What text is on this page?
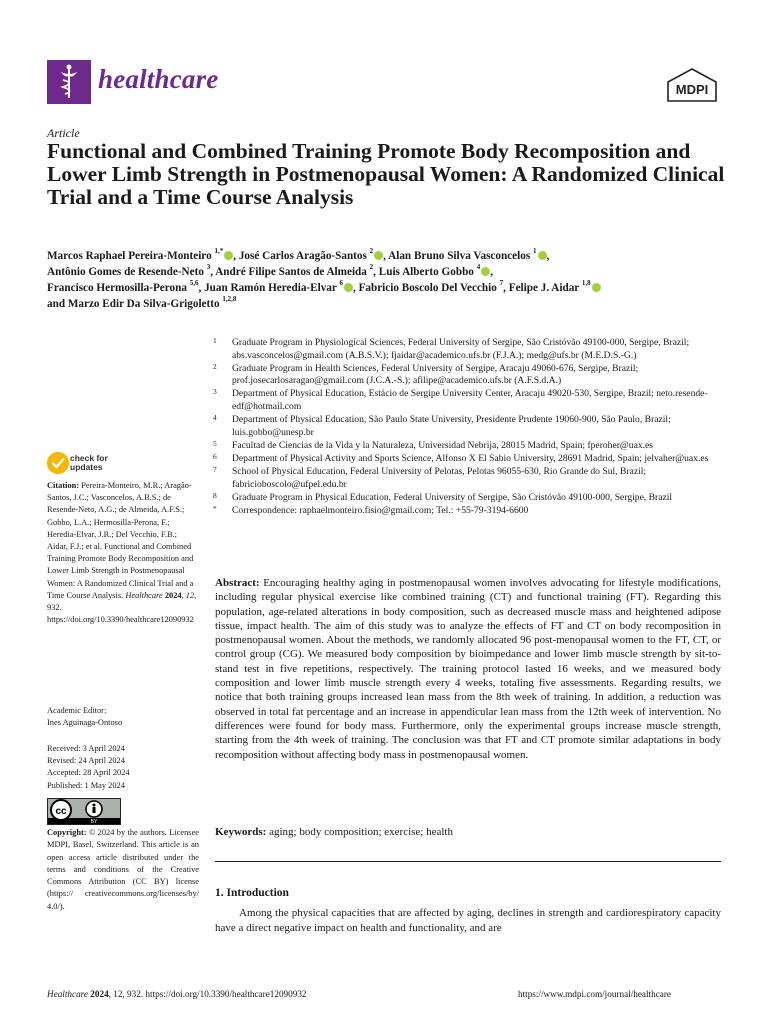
healthcare	MDPI
Article
Functional and Combined Training Promote Body Recomposition and Lower Limb Strength in Postmenopausal Women: A Randomized Clinical Trial and a Time Course Analysis

Marcos Raphael Pereira-Monteiro $^{1,*}$ , José Carlos Aragão-Santos $^2$ , Alan Bruno Silva Vasconcelos $^1$ ,
Antônio Gomes de Resende-Neto $^3$, André Filipe Santos de Almeida $^2$, Luis Alberto Gobbo $^4$ ,
Francisco Hermosilla-Perona $^{5,6}$, Juan Ramón Heredia-Elvar $^6$ , Fabricio Boscolo Del Vecchio $^7$, Felipe J. Aidar $^{1,8}$
and Marzo Edir Da Silva-Grigoletto $^{1,2,8}$

1 Graduate Program in Physiological Sciences, Federal University of Sergipe, São Cristóvão 49100-000, Sergipe, Brazil; abs.vasconcelos@gmail.com (A.B.S.V.); fjaidar@academico.ufs.br (F.J.A.); medg@ufs.br (M.E.D.S.-G.)
2 Graduate Program in Health Sciences, Federal University of Sergipe, Aracaju 49060-676, Sergipe, Brazil; prof.josecarlosaragao@gmail.com (J.C.A.-S.); afilipe@academico.ufs.br (A.F.S.d.A.)
3 Department of Physical Education, Estácio de Sergipe University Center, Aracaju 49020-530, Sergipe, Brazil; neto.resende-edf@hotmail.com
4 Department of Physical Education, São Paulo State University, Presidente Prudente 19060-900, São Paulo, Brazil; luis.gobbo@unesp.br
5 Facultad de Ciencias de la Vida y la Naturaleza, Universidad Nebrija, 28015 Madrid, Spain; fperoher@uax.es
6 Department of Physical Activity and Sports Science, Alfonso X El Sabio University, 28691 Madrid, Spain; jelvaher@uax.es
7 School of Physical Education, Federal University of Pelotas, Pelotas 96055-630, Rio Grande do Sul, Brazil; fabricioboscolo@ufpel.edu.br
8 Graduate Program in Physical Education, Federal University of Sergipe, São Cristóvão 49100-000, Sergipe, Brazil
* Correspondence: raphaelmonteiro.fisio@gmail.com; Tel.: +55-79-3194-6600
check for
updates
Citation: Pereira-Monteiro, M.R.; Aragão-Santos, J.C.; Vasconcelos, A.B.S.; de Resende-Neto, A.G.; de Almeida, A.F.S.; Gobbo, L.A.; Hermosilla-Perona, F.; Heredia-Elvar, J.R.; Del Vecchio, F.B.; Aidar, F.J.; et al. Functional and Combined Training Promote Body Recomposition and Lower Limb Strength in Postmenopausal Women: A Randomized Clinical Trial and a Time Course Analysis. Healthcare 2024, 12, 932. https://doi.org/10.3390/healthcare12090932
Academic Editor:
Ines Aguinaga-Ontoso
Received: 3 April 2024
Revised: 24 April 2024
Accepted: 28 April 2024
Published: 1 May 2024
cc
BY
Copyright: © 2024 by the authors. Licensee MDPI, Basel, Switzerland. This article is an open access article distributed under the terms and conditions of the Creative Commons Attribution (CC BY) license (https:// creativecommons.org/licenses/by/ 4.0/).

Abstract: Encouraging healthy aging in postmenopausal women involves advocating for lifestyle modifications, including regular physical exercise like combined training (CT) and functional training (FT). Regarding this population, age-related alterations in body composition, such as decreased muscle mass and heightened adipose tissue, impact health. The aim of this study was to analyze the effects of FT and CT on body recomposition in postmenopausal women. About the methods, we randomly allocated 96 post-menopausal women to the FT, CT, or control group (CG). We measured body composition by bioimpedance and lower limb muscle strength by sit-to-stand test in five repetitions, respectively. The training protocol lasted 16 weeks, and we measured body composition and lower limb muscle strength every 4 weeks, totaling five assessments. Regarding results, we notice that both training groups increased lean mass from the 8th week of training. In addition, a reduction was observed in total fat percentage and an increase in appendicular lean mass from the 12th week of intervention. No differences were found for body mass. Furthermore, only the experimental groups increase muscle strength, starting from the 4th week of training. The conclusion was that FT and CT promote similar adaptations in body recomposition without affecting body mass in postmenopausal women.

Keywords: aging; body composition; exercise; health

1. Introduction

Among the physical capacities that are affected by aging, declines in strength and cardiorespiratory capacity have a direct negative impact on health and functionality, and are

Healthcare 2024, 12, 932. https://doi.org/10.3390/healthcare12090932	https://www.mdpi.com/journal/healthcare
